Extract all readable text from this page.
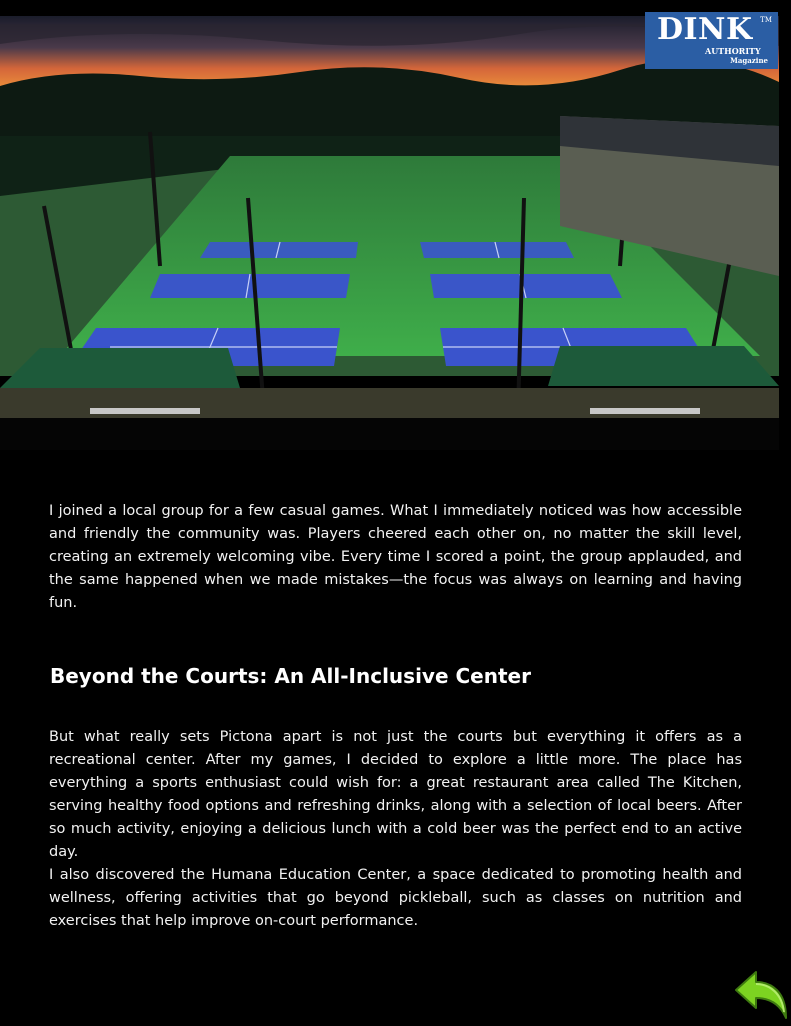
DINK	TM
AUTHORITY
Magazine
I joined a local group for a few casual games. What I immediately noticed was how accessible and friendly the community was. Players cheered each other on, no matter the skill level, creating an extremely welcoming vibe. Every time I scored a point, the group applauded, and the same happened when we made mistakes—the focus was always on learning and having fun.
Beyond the Courts: An All-Inclusive Center
But what really sets Pictona apart is not just the courts but everything it offers as a recreational center. After my games, I decided to explore a little more. The place has everything a sports enthusiast could wish for: a great restaurant area called The Kitchen, serving healthy food options and refreshing drinks, along with a selection of local beers. After so much activity, enjoying a delicious lunch with a cold beer was the perfect end to an active day.
I also discovered the Humana Education Center, a space dedicated to promoting health and wellness, offering activities that go beyond pickleball, such as classes on nutrition and exercises that help improve on-court performance.
